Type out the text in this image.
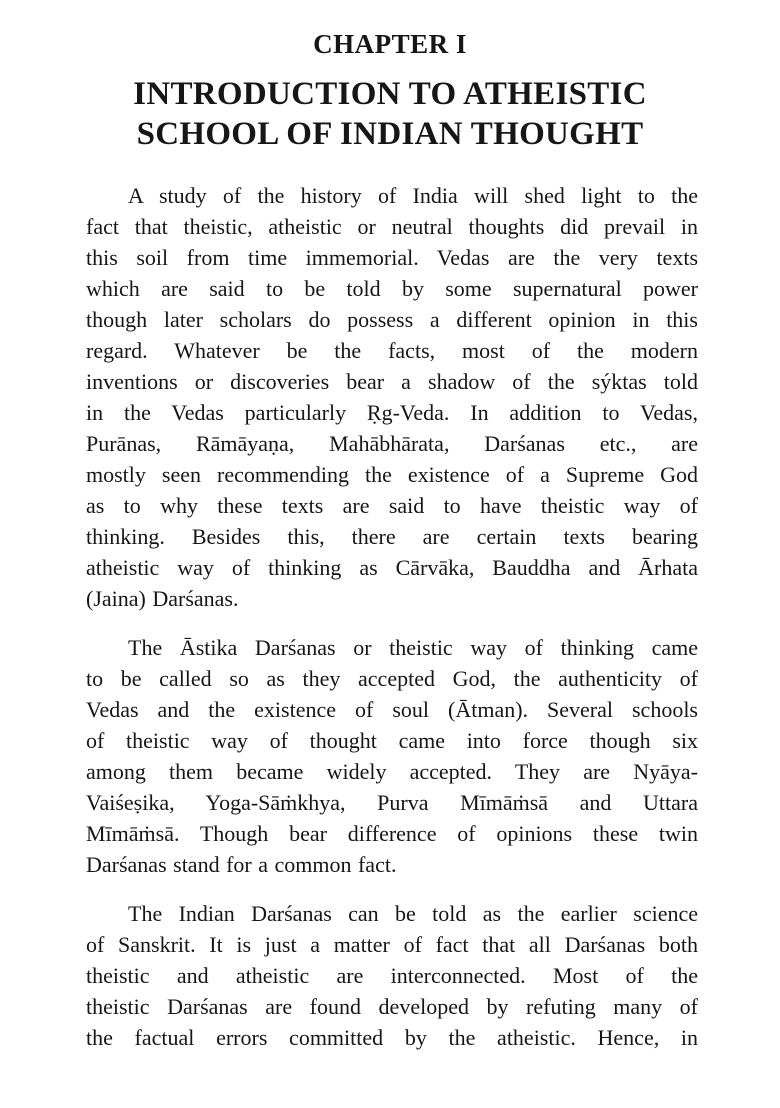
CHAPTER I
INTRODUCTION TO ATHEISTIC
SCHOOL OF INDIAN THOUGHT
A study of the history of India will shed light to the
fact that theistic, atheistic or neutral thoughts did prevail in
this soil from time immemorial. Vedas are the very texts
which are said to be told by some supernatural power
though later scholars do possess a different opinion in this
regard. Whatever be the facts, most of the modern
inventions or discoveries bear a shadow of the sýktas told
in the Vedas particularly Ṛg-Veda. In addition to Vedas,
Purānas, Rāmāyaṇa, Mahābhārata, Darśanas etc., are
mostly seen recommending the existence of a Supreme God
as to why these texts are said to have theistic way of
thinking. Besides this, there are certain texts bearing
atheistic way of thinking as Cārvāka, Bauddha and Ārhata
(Jaina) Darśanas.
The Āstika Darśanas or theistic way of thinking came
to be called so as they accepted God, the authenticity of
Vedas and the existence of soul (Ātman). Several schools
of theistic way of thought came into force though six
among them became widely accepted. They are Nyāya-
Vaiśeṣika, Yoga-Sāṁkhya, Purva Mīmāṁsā and Uttara
Mīmāṁsā. Though bear difference of opinions these twin
Darśanas stand for a common fact.
The Indian Darśanas can be told as the earlier science
of Sanskrit. It is just a matter of fact that all Darśanas both
theistic and atheistic are interconnected. Most of the
theistic Darśanas are found developed by refuting many of
the factual errors committed by the atheistic. Hence, in
